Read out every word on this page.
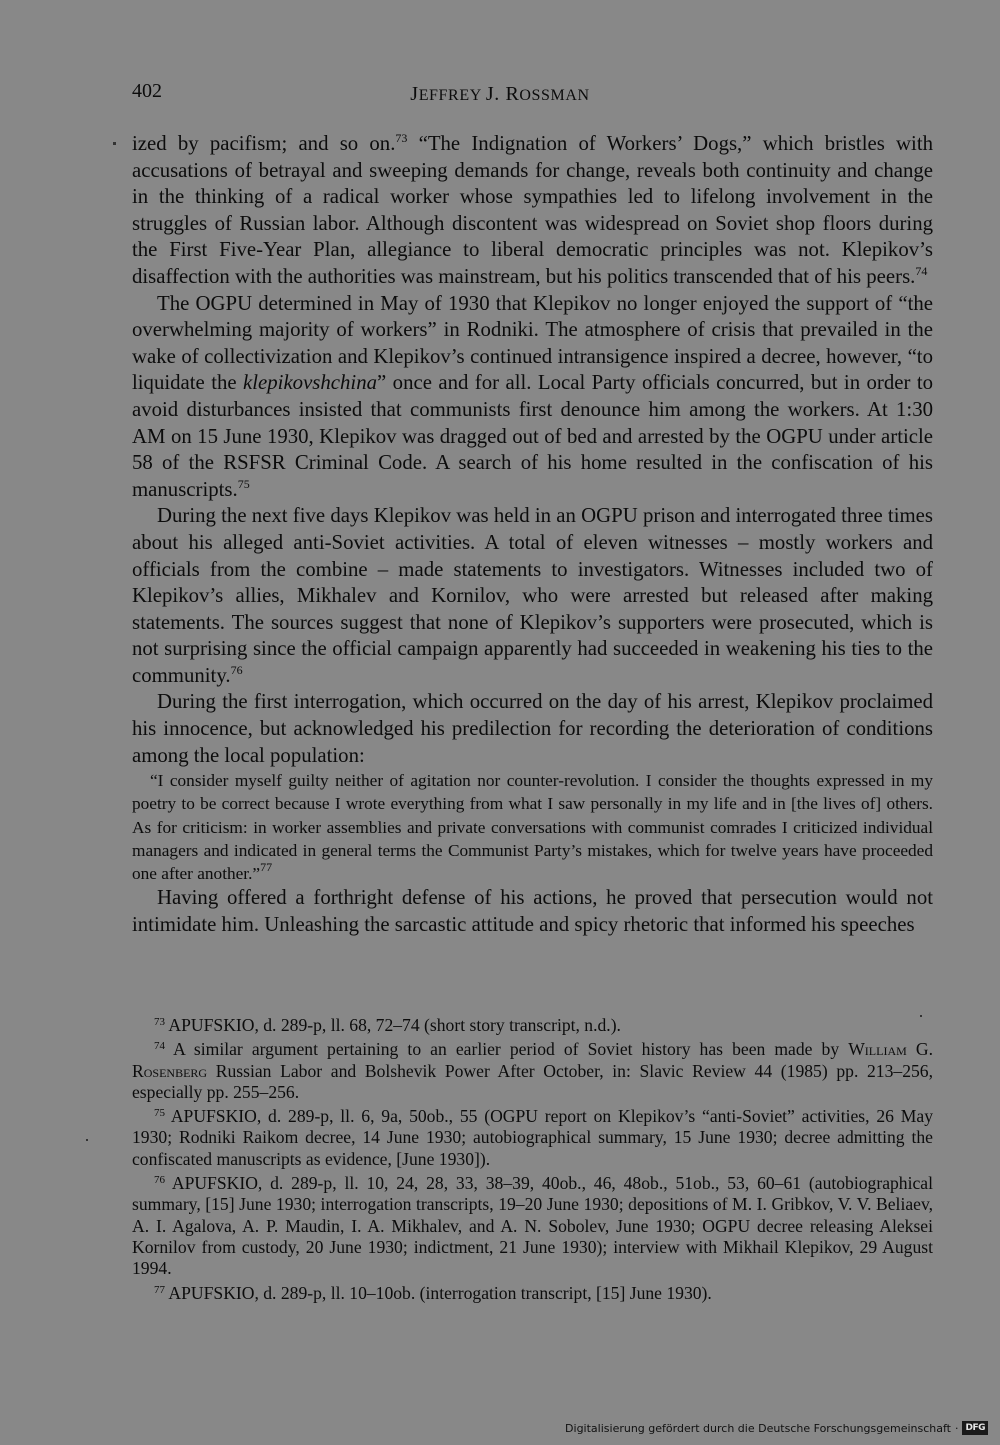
402	JEFFREY J. ROSSMAN

ized by pacifism; and so on.$^{73}$ “The Indignation of Workers’ Dogs,” which bristles with accusations of betrayal and sweeping demands for change, reveals both continuity and change in the thinking of a radical worker whose sympathies led to lifelong involvement in the struggles of Russian labor. Although discontent was widespread on Soviet shop floors during the First Five-Year Plan, allegiance to liberal democratic principles was not. Klepikov’s disaffection with the authorities was mainstream, but his politics transcended that of his peers.$^{74}$

The OGPU determined in May of 1930 that Klepikov no longer enjoyed the support of “the overwhelming majority of workers” in Rodniki. The atmosphere of crisis that prevailed in the wake of collectivization and Klepikov’s continued intransigence inspired a decree, however, “to liquidate the klepikovshchina” once and for all. Local Party officials concurred, but in order to avoid disturbances insisted that communists first denounce him among the workers. At 1:30 AM on 15 June 1930, Klepikov was dragged out of bed and arrested by the OGPU under article 58 of the RSFSR Criminal Code. A search of his home resulted in the confiscation of his manuscripts.$^{75}$

During the next five days Klepikov was held in an OGPU prison and interrogated three times about his alleged anti-Soviet activities. A total of eleven witnesses – mostly workers and officials from the combine – made statements to investigators. Witnesses included two of Klepikov’s allies, Mikhalev and Kornilov, who were arrested but released after making statements. The sources suggest that none of Klepikov’s supporters were prosecuted, which is not surprising since the official campaign apparently had succeeded in weakening his ties to the community.$^{76}$

During the first interrogation, which occurred on the day of his arrest, Klepikov proclaimed his innocence, but acknowledged his predilection for recording the deterioration of conditions among the local population:

“I consider myself guilty neither of agitation nor counter-revolution. I consider the thoughts expressed in my poetry to be correct because I wrote everything from what I saw personally in my life and in [the lives of] others. As for criticism: in worker assemblies and private conversations with communist comrades I criticized individual managers and indicated in general terms the Communist Party’s mistakes, which for twelve years have proceeded one after another.”$^{77}$

Having offered a forthright defense of his actions, he proved that persecution would not intimidate him. Unleashing the sarcastic attitude and spicy rhetoric that informed his speeches

$^{73}$ APUFSKIO, d. 289-p, ll. 68, 72–74 (short story transcript, n.d.).

$^{74}$ A similar argument pertaining to an earlier period of Soviet history has been made by William G. Rosenberg Russian Labor and Bolshevik Power After October, in: Slavic Review 44 (1985) pp. 213–256, especially pp. 255–256.

$^{75}$ APUFSKIO, d. 289-p, ll. 6, 9a, 50ob., 55 (OGPU report on Klepikov’s “anti-Soviet” activities, 26 May 1930; Rodniki Raikom decree, 14 June 1930; autobiographical summary, 15 June 1930; decree admitting the confiscated manuscripts as evidence, [June 1930]).

$^{76}$ APUFSKIO, d. 289-p, ll. 10, 24, 28, 33, 38–39, 40ob., 46, 48ob., 51ob., 53, 60–61 (autobiographical summary, [15] June 1930; interrogation transcripts, 19–20 June 1930; depositions of M. I. Gribkov, V. V. Beliaev, A. I. Agalova, A. P. Maudin, I. A. Mikhalev, and A. N. Sobolev, June 1930; OGPU decree releasing Aleksei Kornilov from custody, 20 June 1930; indictment, 21 June 1930); interview with Mikhail Klepikov, 29 August 1994.

$^{77}$ APUFSKIO, d. 289-p, ll. 10–10ob. (interrogation transcript, [15] June 1930).

Digitalisierung gefördert durch die Deutsche Forschungsgemeinschaft · DFG
